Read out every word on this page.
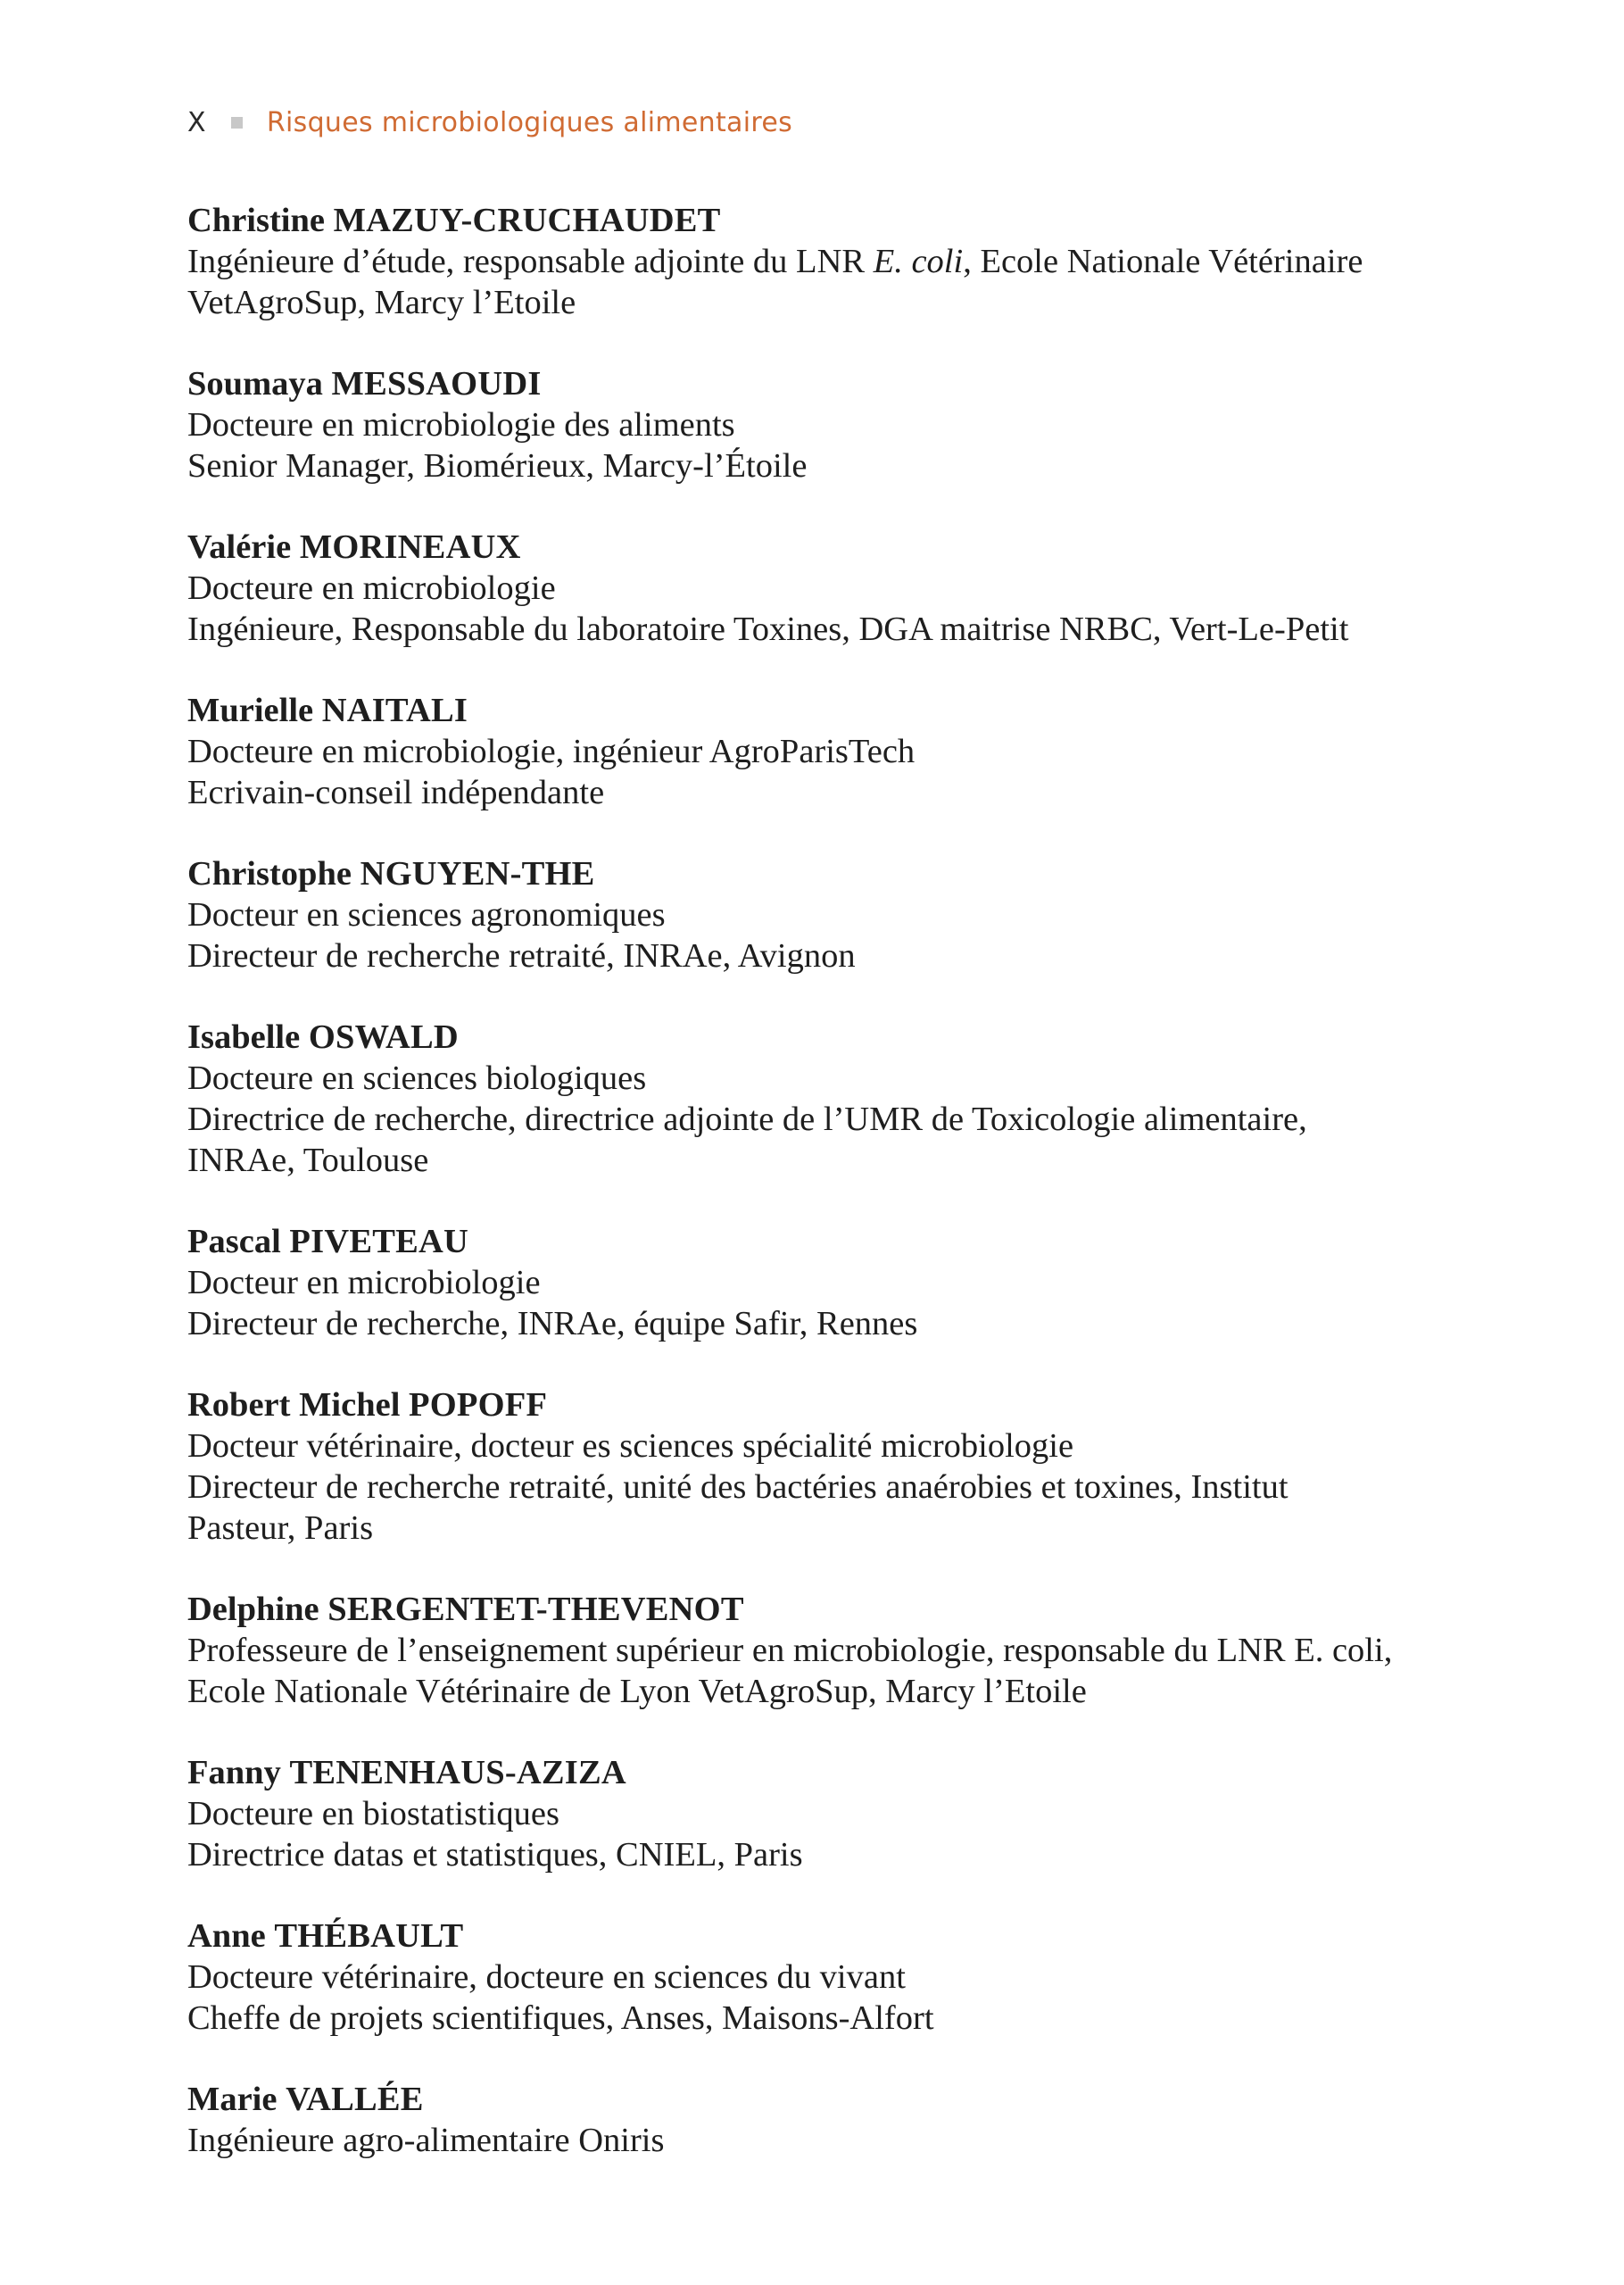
X Risques microbiologiques alimentaires
Christine MAZUY-CRUCHAUDET
Ingénieure d’étude, responsable adjointe du LNR E. coli, Ecole Nationale Vétérinaire
VetAgroSup, Marcy l’Etoile
Soumaya MESSAOUDI
Docteure en microbiologie des aliments
Senior Manager, Biomérieux, Marcy-l’Étoile
Valérie MORINEAUX
Docteure en microbiologie
Ingénieure, Responsable du laboratoire Toxines, DGA maitrise NRBC, Vert-Le-Petit
Murielle NAITALI
Docteure en microbiologie, ingénieur AgroParisTech
Ecrivain-conseil indépendante
Christophe NGUYEN-THE
Docteur en sciences agronomiques
Directeur de recherche retraité, INRAe, Avignon
Isabelle OSWALD
Docteure en sciences biologiques
Directrice de recherche, directrice adjointe de l’UMR de Toxicologie alimentaire,
INRAe, Toulouse
Pascal PIVETEAU
Docteur en microbiologie
Directeur de recherche, INRAe, équipe Safir, Rennes
Robert Michel POPOFF
Docteur vétérinaire, docteur es sciences spécialité microbiologie
Directeur de recherche retraité, unité des bactéries anaérobies et toxines, Institut
Pasteur, Paris
Delphine SERGENTET-THEVENOT
Professeure de l’enseignement supérieur en microbiologie, responsable du LNR E. coli,
Ecole Nationale Vétérinaire de Lyon VetAgroSup, Marcy l’Etoile
Fanny TENENHAUS-AZIZA
Docteure en biostatistiques
Directrice datas et statistiques, CNIEL, Paris
Anne THÉBAULT
Docteure vétérinaire, docteure en sciences du vivant
Cheffe de projets scientifiques, Anses, Maisons-Alfort
Marie VALLÉE
Ingénieure agro-alimentaire Oniris
